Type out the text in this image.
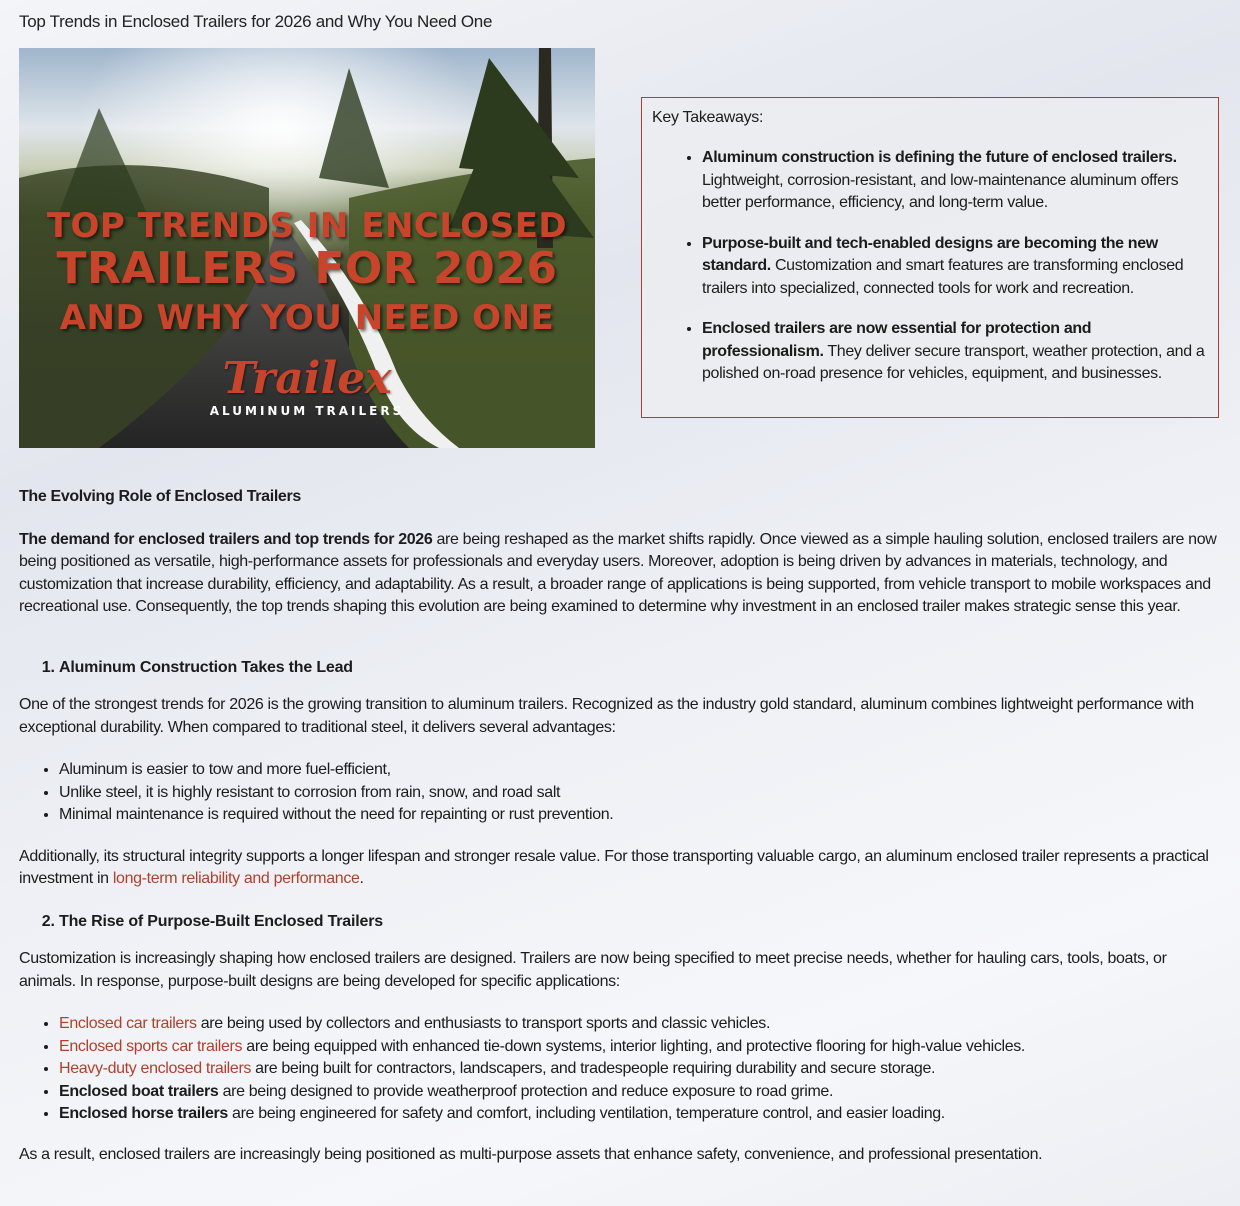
Top Trends in Enclosed Trailers for 2026 and Why You Need One
TOP TRENDS IN ENCLOSED
TRAILERS FOR 2026
AND WHY YOU NEED ONE
Trailex
ALUMINUM TRAILERS
Key Takeaways:
• Aluminum construction is defining the future of enclosed trailers. Lightweight, corrosion-resistant, and low-maintenance aluminum offers better performance, efficiency, and long-term value.
• Purpose-built and tech-enabled designs are becoming the new standard. Customization and smart features are transforming enclosed trailers into specialized, connected tools for work and recreation.
• Enclosed trailers are now essential for protection and professionalism. They deliver secure transport, weather protection, and a polished on-road presence for vehicles, equipment, and businesses.
The Evolving Role of Enclosed Trailers
The demand for enclosed trailers and top trends for 2026 are being reshaped as the market shifts rapidly. Once viewed as a simple hauling solution, enclosed trailers are now being positioned as versatile, high-performance assets for professionals and everyday users. Moreover, adoption is being driven by advances in materials, technology, and customization that increase durability, efficiency, and adaptability. As a result, a broader range of applications is being supported, from vehicle transport to mobile workspaces and recreational use. Consequently, the top trends shaping this evolution are being examined to determine why investment in an enclosed trailer makes strategic sense this year.
1. Aluminum Construction Takes the Lead
One of the strongest trends for 2026 is the growing transition to aluminum trailers. Recognized as the industry gold standard, aluminum combines lightweight performance with exceptional durability. When compared to traditional steel, it delivers several advantages:
• Aluminum is easier to tow and more fuel-efficient,
• Unlike steel, it is highly resistant to corrosion from rain, snow, and road salt
• Minimal maintenance is required without the need for repainting or rust prevention.
Additionally, its structural integrity supports a longer lifespan and stronger resale value. For those transporting valuable cargo, an aluminum enclosed trailer represents a practical investment in long-term reliability and performance.
2. The Rise of Purpose-Built Enclosed Trailers
Customization is increasingly shaping how enclosed trailers are designed. Trailers are now being specified to meet precise needs, whether for hauling cars, tools, boats, or animals. In response, purpose-built designs are being developed for specific applications:
• Enclosed car trailers are being used by collectors and enthusiasts to transport sports and classic vehicles.
• Enclosed sports car trailers are being equipped with enhanced tie-down systems, interior lighting, and protective flooring for high-value vehicles.
• Heavy-duty enclosed trailers are being built for contractors, landscapers, and tradespeople requiring durability and secure storage.
• Enclosed boat trailers are being designed to provide weatherproof protection and reduce exposure to road grime.
• Enclosed horse trailers are being engineered for safety and comfort, including ventilation, temperature control, and easier loading.
As a result, enclosed trailers are increasingly being positioned as multi-purpose assets that enhance safety, convenience, and professional presentation.
